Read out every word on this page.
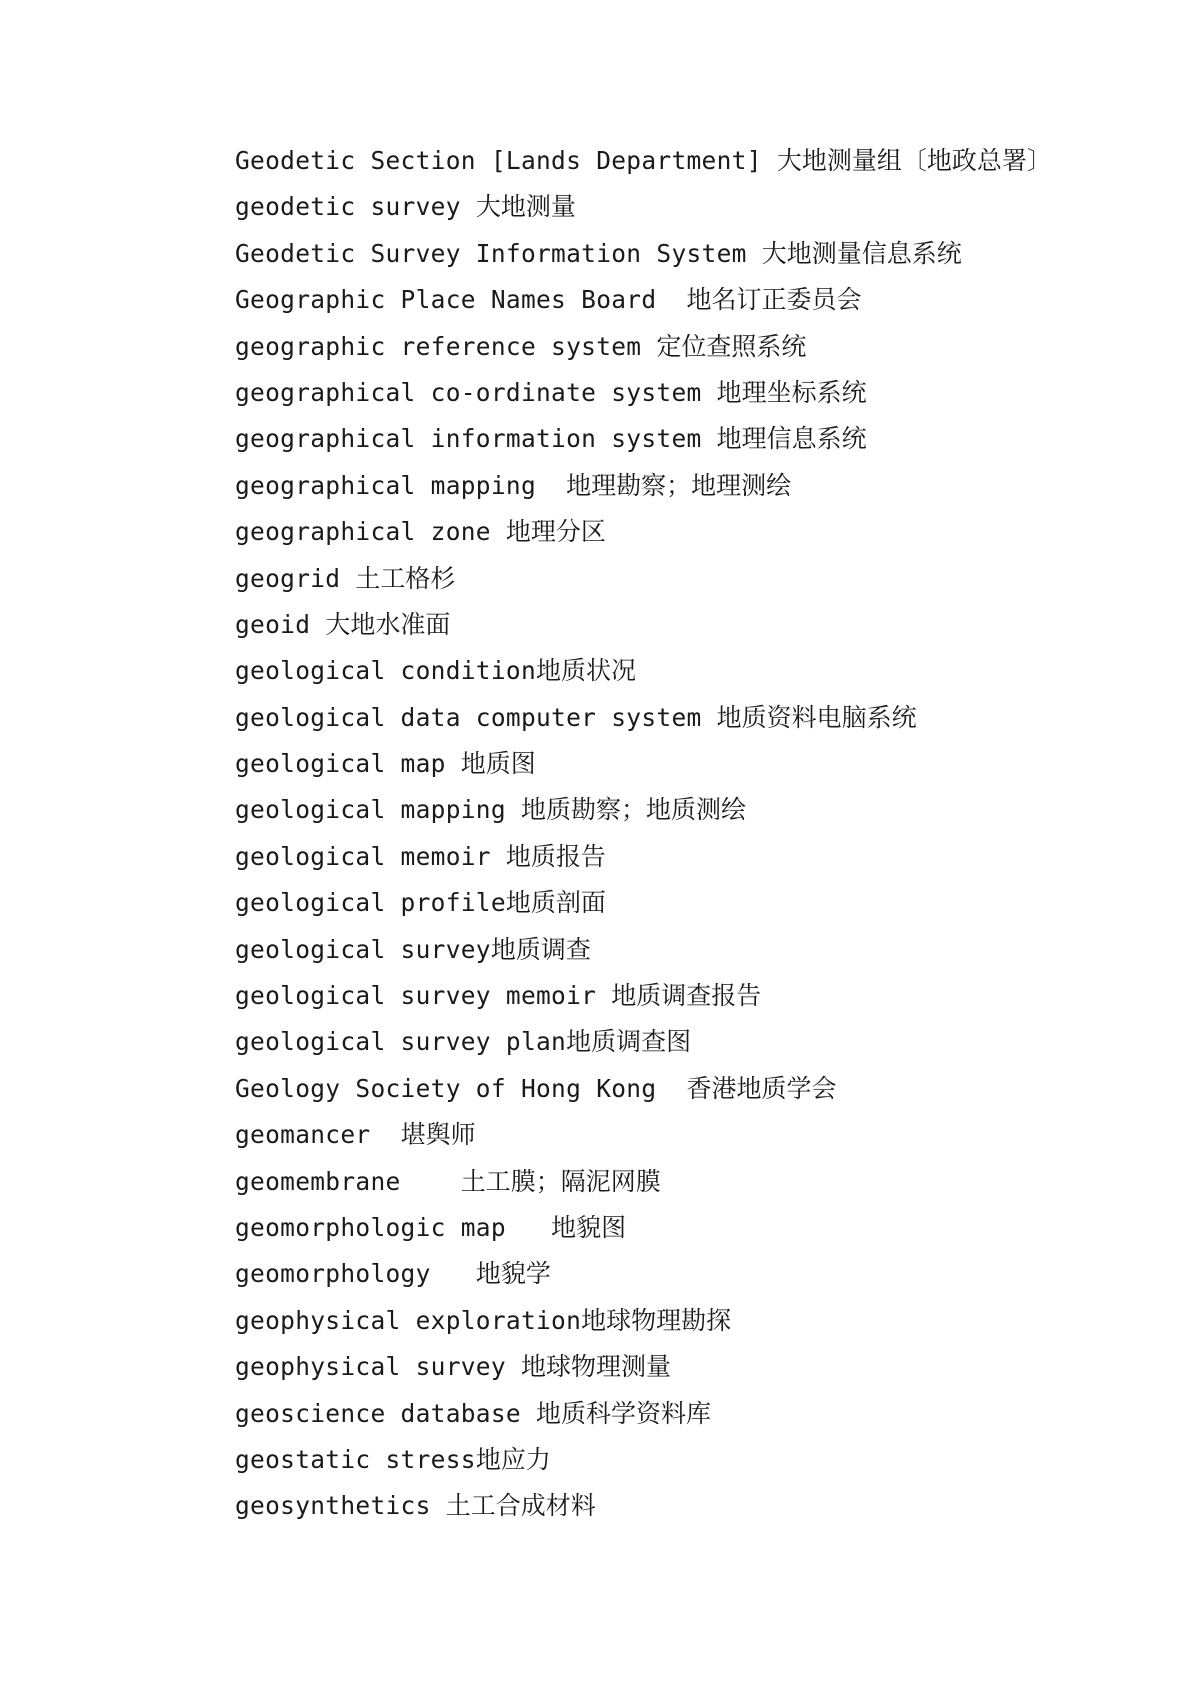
Geodetic Section [Lands Department] 大地测量组〔地政总署〕
geodetic survey 大地测量
Geodetic Survey Information System 大地测量信息系统
Geographic Place Names Board  地名订正委员会
geographic reference system 定位查照系统
geographical co-ordinate system 地理坐标系统
geographical information system 地理信息系统
geographical mapping  地理勘察；地理测绘
geographical zone 地理分区
geogrid 土工格杉
geoid 大地水准面
geological condition地质状况
geological data computer system 地质资料电脑系统
geological map 地质图
geological mapping 地质勘察；地质测绘
geological memoir 地质报告
geological profile地质剖面
geological survey地质调查
geological survey memoir 地质调查报告
geological survey plan地质调查图
Geology Society of Hong Kong  香港地质学会
geomancer  堪舆师
geomembrane    土工膜；隔泥网膜
geomorphologic map   地貌图
geomorphology   地貌学
geophysical exploration地球物理勘探
geophysical survey 地球物理测量
geoscience database 地质科学资料库
geostatic stress地应力
geosynthetics 土工合成材料
